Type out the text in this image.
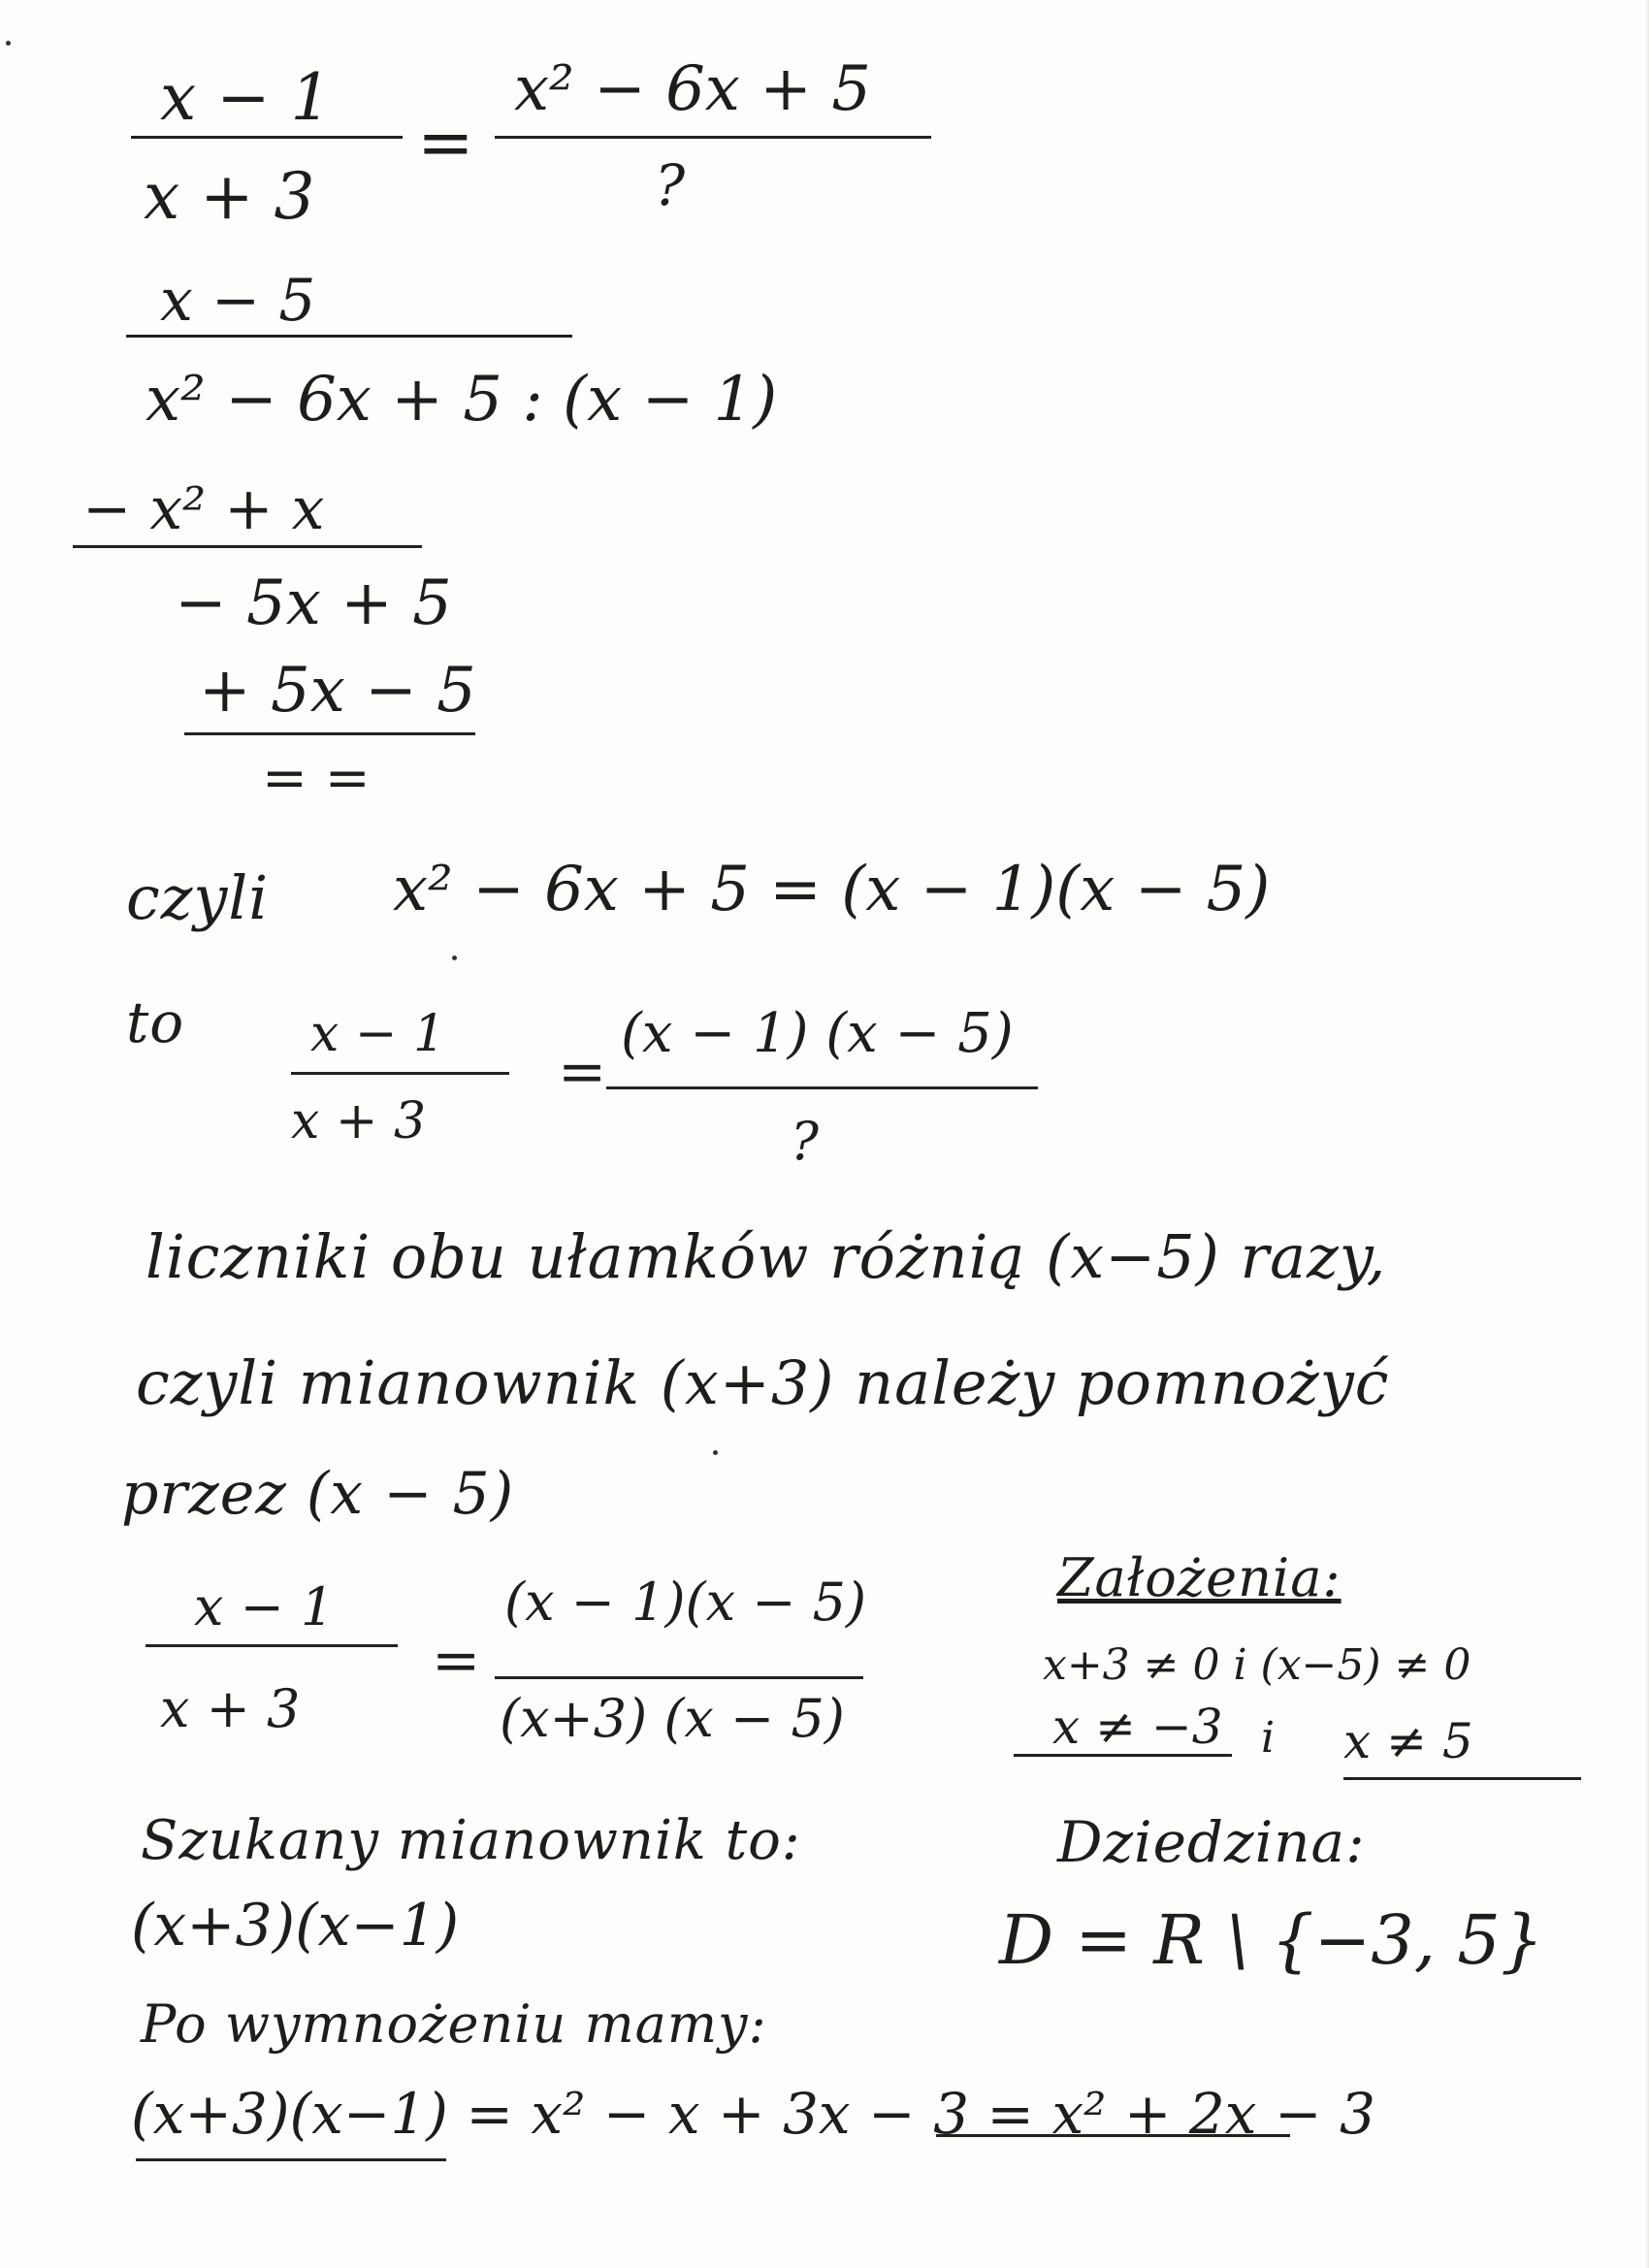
x − 1
x + 3
=
x² − 6x + 5
?
x − 5
x² − 6x + 5 : (x − 1)
− x² + x
− 5x + 5
+ 5x − 5
= =
czyli x² − 6x + 5 = (x − 1)(x − 5)
to x − 1
x + 3
=
(x − 1) (x − 5)
?
liczniki obu ułamków różnią (x−5) razy,
czyli mianownik (x+3) należy pomnożyć
przez (x − 5)
x − 1
x + 3
=
(x − 1)(x − 5)
(x+3) (x − 5)
Założenia:
x+3 ≠ 0 i (x−5) ≠ 0
x ≠ −3 i x ≠ 5
Dziedzina:
D = R \ {−3, 5}
Szukany mianownik to:
(x+3)(x−1)
Po wymnożeniu mamy:
(x+3)(x−1) = x² − x + 3x − 3 = x² + 2x − 3
